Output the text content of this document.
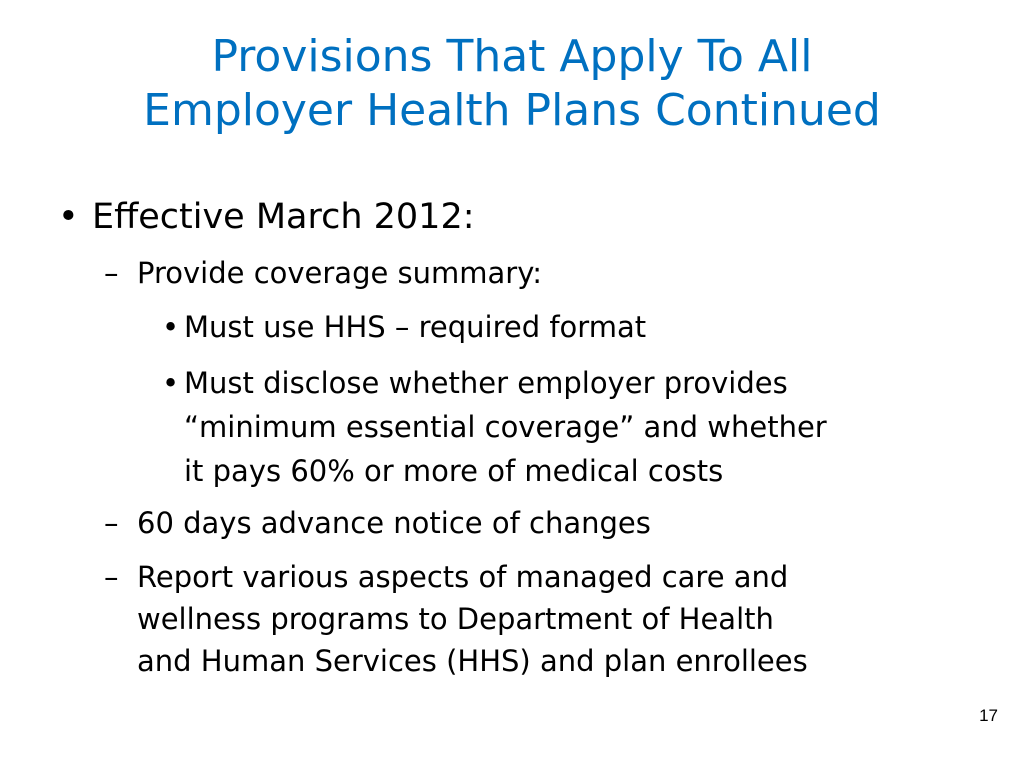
Provisions That Apply To All
Employer Health Plans Continued
• Effective March 2012:
– Provide coverage summary:
• Must use HHS – required format
• Must disclose whether employer provides
“minimum essential coverage” and whether
it pays 60% or more of medical costs
– 60 days advance notice of changes
– Report various aspects of managed care and
wellness programs to Department of Health
and Human Services (HHS) and plan enrollees
17
